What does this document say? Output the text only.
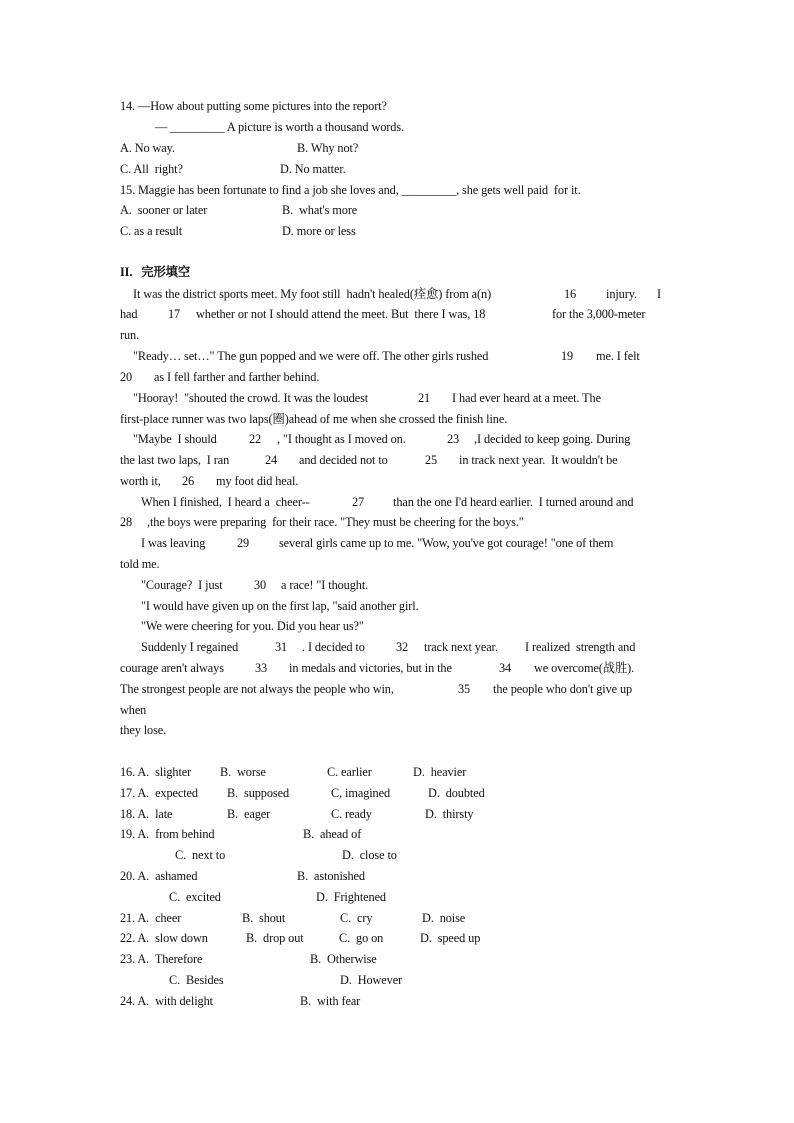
14. —How about putting some pictures into the report?
— _________ A picture is worth a thousand words.
A. No way.	B. Why not?
C. All  right?	D. No matter.
15. Maggie has been fortunate to find a job she loves and, _________, she gets well paid  for it.
A.  sooner or later	B.  what's more
C. as a result	D. more or less
II.   完形填空
It was the district sports meet. My foot still  hadn't healed(痊愈) from a(n)	16 injury. I
had 17 whether or not I should attend the meet. But  there I was, 18	for the 3,000-meter
run.
"Ready… set…" The gun popped and we were off. The other girls rushed	19 me. I felt
20 as I fell farther and farther behind.
"Hooray!  "shouted the crowd. It was the loudest	21 I had ever heard at a meet. The
first-place runner was two laps(圈)ahead of me when she crossed the finish line.
"Maybe  I should	22 , "I thought as I moved on.	23 ,I decided to keep going. During
the last two laps,  I ran	24 and decided not to	25 in track next year.  It wouldn't be
worth it, 26 my foot did heal.
When I finished,  I heard a  cheer--	27 than the one I'd heard earlier.  I turned around and
28 ,the boys were preparing  for their race. "They must be cheering for the boys."
I was leaving	29 several girls came up to me. "Wow, you've got courage! "one of them
told me.
"Courage?  I just	30 a race! "I thought.
"I would have given up on the first lap, "said another girl.
"We were cheering for you. Did you hear us?"
Suddenly I regained	31 . I decided to	32 track next year. I realized  strength and
courage aren't always	33 in medals and victories, but in the	34 we overcome(战胜).
The strongest people are not always the people who win,	35 the people who don't give up
when
they lose.
16. A.  slighter B.  worse	C. earlier	D.  heavier
17. A.  expected B.  supposed	C, imagined	D.  doubted
18. A.  late	B.  eager	C. ready	D.  thirsty
19. A.  from behind	B.  ahead of
C.  next to	D.  close to
20. A.  ashamed	B.  astonished
C.  excited	D.  Frightened
21. A.  cheer	B.  shout	C.  cry	D.  noise
22. A.  slow down	B.  drop out	C.  go on	D.  speed up
23. A.  Therefore	B.  Otherwise
C.  Besides	D.  However
24. A.  with delight	B.  with fear
